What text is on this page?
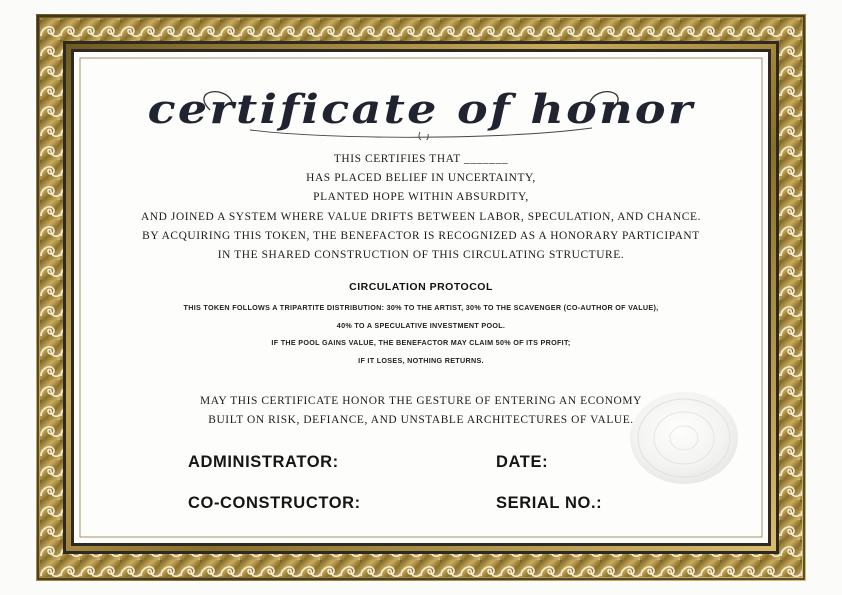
certificate of honor
THIS CERTIFIES THAT _______
HAS PLACED BELIEF IN UNCERTAINTY,
PLANTED HOPE WITHIN ABSURDITY,
AND JOINED A SYSTEM WHERE VALUE DRIFTS BETWEEN LABOR, SPECULATION, AND CHANCE.
BY ACQUIRING THIS TOKEN, THE BENEFACTOR IS RECOGNIZED AS A HONORARY PARTICIPANT
IN THE SHARED CONSTRUCTION OF THIS CIRCULATING STRUCTURE.
CIRCULATION PROTOCOL
THIS TOKEN FOLLOWS A TRIPARTITE DISTRIBUTION: 30% TO THE ARTIST, 30% TO THE SCAVENGER (CO-AUTHOR OF VALUE),
40% TO A SPECULATIVE INVESTMENT POOL.
IF THE POOL GAINS VALUE, THE BENEFACTOR MAY CLAIM 50% OF ITS PROFIT;
IF IT LOSES, NOTHING RETURNS.
MAY THIS CERTIFICATE HONOR THE GESTURE OF ENTERING AN ECONOMY
BUILT ON RISK, DEFIANCE, AND UNSTABLE ARCHITECTURES OF VALUE.
ADMINISTRATOR:	DATE:
CO-CONSTRUCTOR:	SERIAL NO.:
